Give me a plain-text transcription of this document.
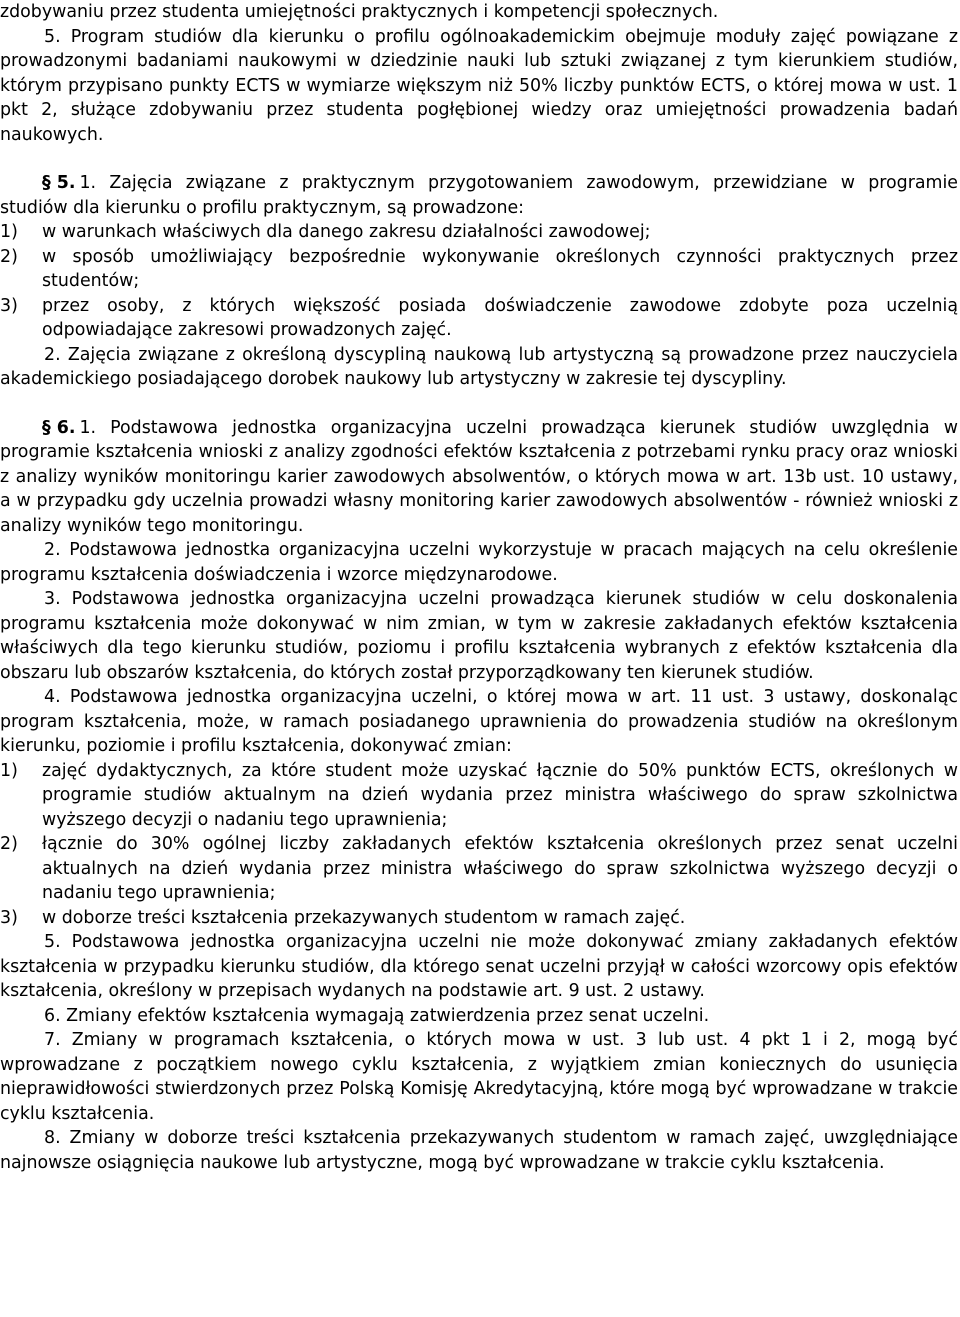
zdobywaniu przez studenta umiejętności praktycznych i kompetencji społecznych.

5. Program studiów dla kierunku o profilu ogólnoakademickim obejmuje moduły zajęć powiązane z prowadzonymi badaniami naukowymi w dziedzinie nauki lub sztuki związanej z tym kierunkiem studiów, którym przypisano punkty ECTS w wymiarze większym niż 50% liczby punktów ECTS, o której mowa w ust. 1 pkt 2, służące zdobywaniu przez studenta pogłębionej wiedzy oraz umiejętności prowadzenia badań naukowych.

§ 5. 1. Zajęcia związane z praktycznym przygotowaniem zawodowym, przewidziane w programie studiów dla kierunku o profilu praktycznym, są prowadzone:

1)	w warunkach właściwych dla danego zakresu działalności zawodowej;
2)	w sposób umożliwiający bezpośrednie wykonywanie określonych czynności praktycznych przez studentów;
3)	przez osoby, z których większość posiada doświadczenie zawodowe zdobyte poza uczelnią odpowiadające zakresowi prowadzonych zajęć.

2. Zajęcia związane z określoną dyscypliną naukową lub artystyczną są prowadzone przez nauczyciela akademickiego posiadającego dorobek naukowy lub artystyczny w zakresie tej dyscypliny.

§ 6. 1. Podstawowa jednostka organizacyjna uczelni prowadząca kierunek studiów uwzględnia w programie kształcenia wnioski z analizy zgodności efektów kształcenia z potrzebami rynku pracy oraz wnioski z analizy wyników monitoringu karier zawodowych absolwentów, o których mowa w art. 13b ust. 10 ustawy, a w przypadku gdy uczelnia prowadzi własny monitoring karier zawodowych absolwentów - również wnioski z analizy wyników tego monitoringu.

2. Podstawowa jednostka organizacyjna uczelni wykorzystuje w pracach mających na celu określenie programu kształcenia doświadczenia i wzorce międzynarodowe.

3. Podstawowa jednostka organizacyjna uczelni prowadząca kierunek studiów w celu doskonalenia programu kształcenia może dokonywać w nim zmian, w tym w zakresie zakładanych efektów kształcenia właściwych dla tego kierunku studiów, poziomu i profilu kształcenia wybranych z efektów kształcenia dla obszaru lub obszarów kształcenia, do których został przyporządkowany ten kierunek studiów.

4. Podstawowa jednostka organizacyjna uczelni, o której mowa w art. 11 ust. 3 ustawy, doskonaląc program kształcenia, może, w ramach posiadanego uprawnienia do prowadzenia studiów na określonym kierunku, poziomie i profilu kształcenia, dokonywać zmian:

1)	zajęć dydaktycznych, za które student może uzyskać łącznie do 50% punktów ECTS, określonych w programie studiów aktualnym na dzień wydania przez ministra właściwego do spraw szkolnictwa wyższego decyzji o nadaniu tego uprawnienia;
2)	łącznie do 30% ogólnej liczby zakładanych efektów kształcenia określonych przez senat uczelni aktualnych na dzień wydania przez ministra właściwego do spraw szkolnictwa wyższego decyzji o nadaniu tego uprawnienia;
3)	w doborze treści kształcenia przekazywanych studentom w ramach zajęć.

5. Podstawowa jednostka organizacyjna uczelni nie może dokonywać zmiany zakładanych efektów kształcenia w przypadku kierunku studiów, dla którego senat uczelni przyjął w całości wzorcowy opis efektów kształcenia, określony w przepisach wydanych na podstawie art. 9 ust. 2 ustawy.

6. Zmiany efektów kształcenia wymagają zatwierdzenia przez senat uczelni.

7. Zmiany w programach kształcenia, o których mowa w ust. 3 lub ust. 4 pkt 1 i 2, mogą być wprowadzane z początkiem nowego cyklu kształcenia, z wyjątkiem zmian koniecznych do usunięcia nieprawidłowości stwierdzonych przez Polską Komisję Akredytacyjną, które mogą być wprowadzane w trakcie cyklu kształcenia.

8. Zmiany w doborze treści kształcenia przekazywanych studentom w ramach zajęć, uwzględniające najnowsze osiągnięcia naukowe lub artystyczne, mogą być wprowadzane w trakcie cyklu kształcenia.
